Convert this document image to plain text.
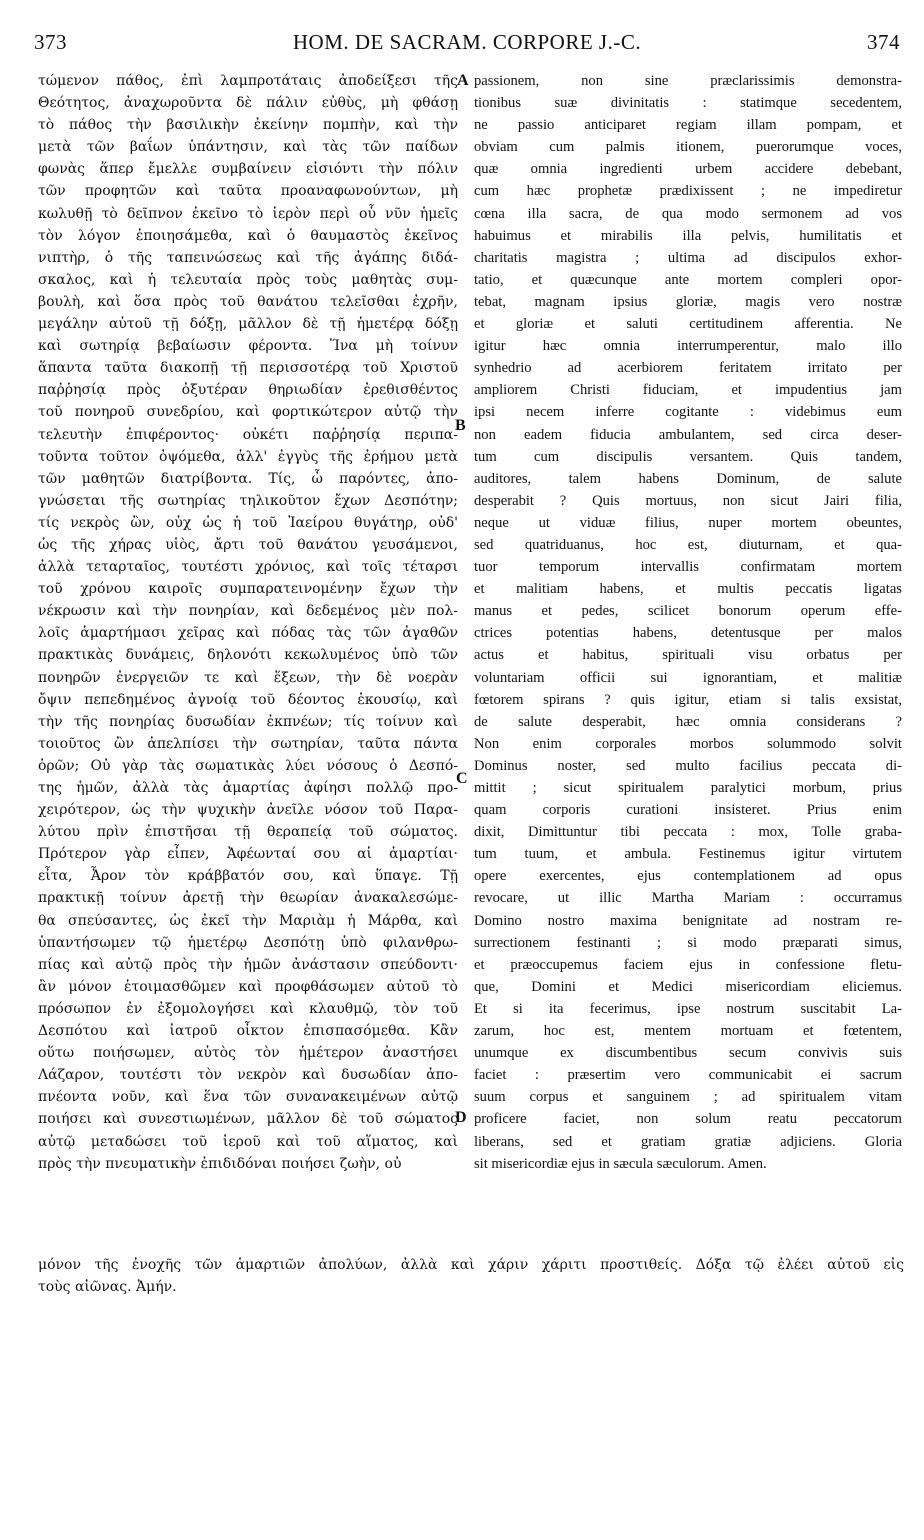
373	HOM. DE SACRAM. CORPORE J.-C.	374
τώμενον πάθος, ἐπὶ λαμπροτάταις ἀποδείξεσι τῆς
Θεότητος, ἀναχωροῦντα δὲ πάλιν εὐθὺς, μὴ φθάσῃ
τὸ πάθος τὴν βασιλικὴν ἐκείνην πομπὴν, καὶ τὴν
μετὰ τῶν βαΐων ὑπάντησιν, καὶ τὰς τῶν παίδων
φωνὰς ἅπερ ἔμελλε συμβαίνειν εἰσιόντι τὴν πόλιν
τῶν προφητῶν καὶ ταῦτα προαναφωνούντων, μὴ
κωλυθῇ τὸ δεῖπνον ἐκεῖνο τὸ ἱερὸν περὶ οὗ νῦν ἡμεῖς
τὸν λόγον ἐποιησάμεθα, καὶ ὁ θαυμαστὸς ἐκεῖνος
νιπτὴρ, ὁ τῆς ταπεινώσεως καὶ τῆς ἀγάπης διδά-
σκαλος, καὶ ἡ τελευταία πρὸς τοὺς μαθητὰς συμ-
βουλὴ, καὶ ὅσα πρὸς τοῦ θανάτου τελεῖσθαι ἐχρῆν,
μεγάλην αὐτοῦ τῇ δόξῃ, μᾶλλον δὲ τῇ ἡμετέρᾳ δόξῃ
καὶ σωτηρίᾳ βεβαίωσιν φέροντα. Ἵνα μὴ τοίνυν
ἅπαντα ταῦτα διακοπῇ τῇ περισσοτέρᾳ τοῦ Χριστοῦ
παῤῥησίᾳ πρὸς ὀξυτέραν θηριωδίαν ἐρεθισθέντος
τοῦ πονηροῦ συνεδρίου, καὶ φορτικώτερον αὐτῷ τὴν
τελευτὴν ἐπιφέροντος· οὐκέτι παῤῥησίᾳ περιπα-
τοῦντα τοῦτον ὀψόμεθα, ἀλλ' ἐγγὺς τῆς ἐρήμου μετὰ
τῶν μαθητῶν διατρίβοντα. Τίς, ὦ παρόντες, ἀπο-
γνώσεται τῆς σωτηρίας τηλικοῦτον ἔχων Δεσπότην;
τίς νεκρὸς ὢν, οὐχ ὡς ἡ τοῦ Ἰαείρου θυγάτηρ, οὐδ'
ὡς τῆς χήρας υἱὸς, ἄρτι τοῦ θανάτου γευσάμενοι,
ἀλλὰ τεταρταῖος, τουτέστι χρόνιος, καὶ τοῖς τέταρσι
τοῦ χρόνου καιροῖς συμπαρατεινομένην ἔχων τὴν
νέκρωσιν καὶ τὴν πονηρίαν, καὶ δεδεμένος μὲν πολ-
λοῖς ἁμαρτήμασι χεῖρας καὶ πόδας τὰς τῶν ἀγαθῶν
πρακτικὰς δυνάμεις, δηλονότι κεκωλυμένος ὑπὸ τῶν
πονηρῶν ἐνεργειῶν τε καὶ ἕξεων, τὴν δὲ νοερὰν
ὄψιν πεπεδημένος ἀγνοίᾳ τοῦ δέοντος ἑκουσίῳ, καὶ
τὴν τῆς πονηρίας δυσωδίαν ἐκπνέων; τίς τοίνυν καὶ
τοιοῦτος ὢν ἀπελπίσει τὴν σωτηρίαν, ταῦτα πάντα
ὁρῶν; Οὐ γὰρ τὰς σωματικὰς λύει νόσους ὁ Δεσπό-
της ἡμῶν, ἀλλὰ τὰς ἁμαρτίας ἀφίησι πολλῷ προ-
χειρότερον, ὡς τὴν ψυχικὴν ἀνεῖλε νόσον τοῦ Παρα-
λύτου πρὶν ἐπιστῆσαι τῇ θεραπείᾳ τοῦ σώματος.
Πρότερον γὰρ εἶπεν, Ἀφέωνταί σου αἱ ἁμαρτίαι·
εἶτα, Ἆρον τὸν κράββατόν σου, καὶ ὕπαγε. Τῇ
πρακτικῇ τοίνυν ἀρετῇ τὴν θεωρίαν ἀνακαλεσώμε-
θα σπεύσαντες, ὡς ἐκεῖ τὴν Μαριὰμ ἡ Μάρθα, καὶ
ὑπαντήσωμεν τῷ ἡμετέρῳ Δεσπότῃ ὑπὸ φιλανθρω-
πίας καὶ αὐτῷ πρὸς τὴν ἡμῶν ἀνάστασιν σπεύδοντι·
ἂν μόνον ἑτοιμασθῶμεν καὶ προφθάσωμεν αὐτοῦ τὸ
πρόσωπον ἐν ἐξομολογήσει καὶ κλαυθμῷ, τὸν τοῦ
Δεσπότου καὶ ἰατροῦ οἶκτον ἐπισπασόμεθα. Κἂν
οὕτω ποιήσωμεν, αὐτὸς τὸν ἡμέτερον ἀναστήσει
Λάζαρον, τουτέστι τὸν νεκρὸν καὶ δυσωδίαν ἀπο-
πνέοντα νοῦν, καὶ ἕνα τῶν συνανακειμένων αὐτῷ
ποιήσει καὶ συνεστιωμένων, μᾶλλον δὲ τοῦ σώματος
αὐτῷ μεταδώσει τοῦ ἱεροῦ καὶ τοῦ αἵματος, καὶ
πρὸς τὴν πνευματικὴν ἐπιδιδόναι ποιήσει ζωὴν, οὐ
passionem, non sine præclarissimis demonstra-
tionibus suæ divinitatis : statimque secedentem,
ne passio anticiparet regiam illam pompam, et
obviam cum palmis itionem, puerorumque voces,
quæ omnia ingredienti urbem accidere debebant,
cum hæc prophetæ prædixissent ; ne impediretur
cœna illa sacra, de qua modo sermonem ad vos
habuimus et mirabilis illa pelvis, humilitatis et
charitatis magistra ; ultima ad discipulos exhor-
tatio, et quæcunque ante mortem compleri opor-
tebat, magnam ipsius gloriæ, magis vero nostræ
et gloriæ et saluti certitudinem afferentia. Ne
igitur hæc omnia interrumperentur, malo illo
synhedrio ad acerbiorem feritatem irritato per
ampliorem Christi fiduciam, et impudentius jam
ipsi necem inferre cogitante : videbimus eum
non eadem fiducia ambulantem, sed circa deser-
tum cum discipulis versantem. Quis tandem,
auditores, talem habens Dominum, de salute
desperabit ? Quis mortuus, non sicut Jairi filia,
neque ut viduæ filius, nuper mortem obeuntes,
sed quatriduanus, hoc est, diuturnam, et qua-
tuor temporum intervallis confirmatam mortem
et malitiam habens, et multis peccatis ligatas
manus et pedes, scilicet bonorum operum effe-
ctrices potentias habens, detentusque per malos
actus et habitus, spirituali visu orbatus per
voluntariam officii sui ignorantiam, et malitiæ
fœtorem spirans ? quis igitur, etiam si talis exsistat,
de salute desperabit, hæc omnia considerans ?
Non enim corporales morbos solummodo solvit
Dominus noster, sed multo facilius peccata di-
mittit ; sicut spiritualem paralytici morbum, prius
quam corporis curationi insisteret. Prius enim
dixit, Dimittuntur tibi peccata : mox, Tolle graba-
tum tuum, et ambula. Festinemus igitur virtutem
opere exercentes, ejus contemplationem ad opus
revocare, ut illic Martha Mariam : occurramus
Domino nostro maxima benignitate ad nostram re-
surrectionem festinanti ; si modo præparati simus,
et præoccupemus faciem ejus in confessione fletu-
que, Domini et Medici misericordiam eliciemus.
Et si ita fecerimus, ipse nostrum suscitabit La-
zarum, hoc est, mentem mortuam et fœtentem,
unumque ex discumbentibus secum convivis suis
faciet : præsertim vero communicabit ei sacrum
suum corpus et sanguinem ; ad spiritualem vitam
proficere faciet, non solum reatu peccatorum
liberans, sed et gratiam gratiæ adjiciens. Gloria
sit misericordiæ ejus in sæcula sæculorum. Amen.
A
B
C
D
μόνον τῆς ἐνοχῆς τῶν ἁμαρτιῶν ἀπολύων, ἀλλὰ καὶ χάριν χάριτι προστιθείς. Δόξα τῷ ἐλέει αὐτοῦ εἰς
τοὺς αἰῶνας. Ἀμήν.
